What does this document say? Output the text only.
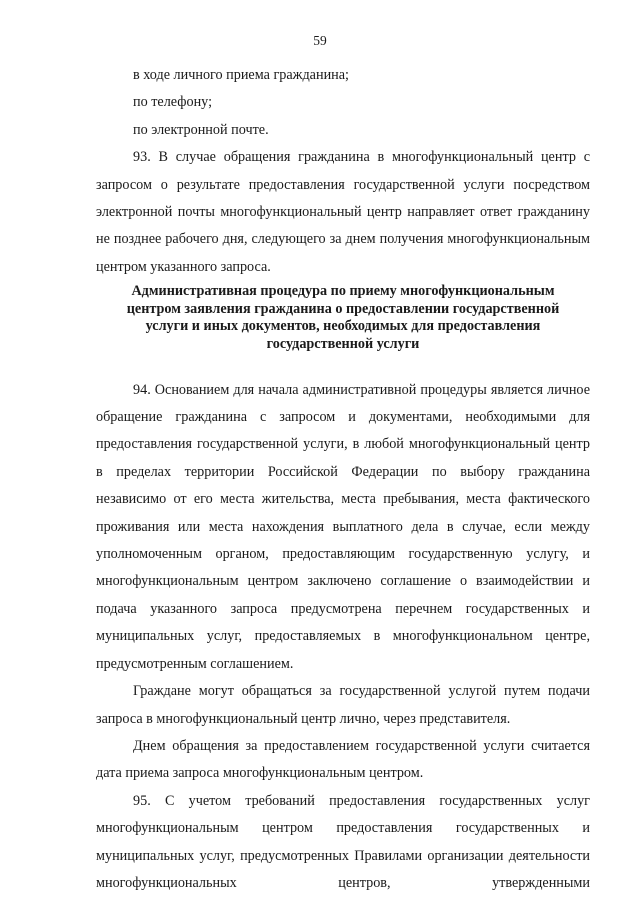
59

в ходе личного приема гражданина;

по телефону;

по электронной почте.

93. В случае обращения гражданина в многофункциональный центр с запросом о результате предоставления государственной услуги посредством электронной почты многофункциональный центр направляет ответ гражданину не позднее рабочего дня, следующего за днем получения многофункциональным центром указанного запроса.

Административная процедура по приему многофункциональным центром заявления гражданина о предоставлении государственной услуги и иных документов, необходимых для предоставления государственной услуги

94. Основанием для начала административной процедуры является личное обращение гражданина с запросом и документами, необходимыми для предоставления государственной услуги, в любой многофункциональный центр в пределах территории Российской Федерации по выбору гражданина независимо от его места жительства, места пребывания, места фактического проживания или места нахождения выплатного дела в случае, если между уполномоченным органом, предоставляющим государственную услугу, и многофункциональным центром заключено соглашение о взаимодействии и подача указанного запроса предусмотрена перечнем государственных и муниципальных услуг, предоставляемых в многофункциональном центре, предусмотренным соглашением.

Граждане могут обращаться за государственной услугой путем подачи запроса в многофункциональный центр лично, через представителя.

Днем обращения за предоставлением государственной услуги считается дата приема запроса многофункциональным центром.

95. С учетом требований предоставления государственных услуг многофункциональным центром предоставления государственных и муниципальных услуг, предусмотренных Правилами организации деятельности многофункциональных центров, утвержденными
